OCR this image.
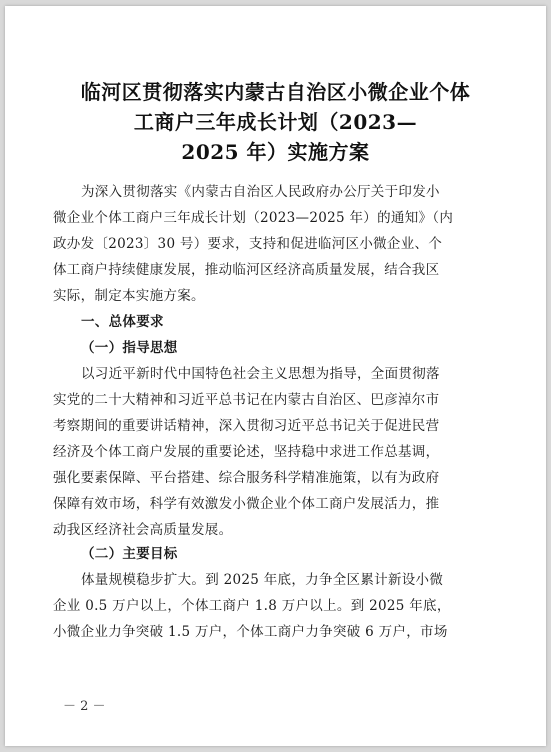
临河区贯彻落实内蒙古自治区小微企业个体
工商户三年成长计划（2023—
2025 年）实施方案
为深入贯彻落实《内蒙古自治区人民政府办公厅关于印发小
微企业个体工商户三年成长计划（2023—2025 年）的通知》（内
政办发〔2023〕30 号）要求，支持和促进临河区小微企业、个
体工商户持续健康发展，推动临河区经济高质量发展，结合我区
实际，制定本实施方案。
一、总体要求
（一）指导思想
以习近平新时代中国特色社会主义思想为指导，全面贯彻落
实党的二十大精神和习近平总书记在内蒙古自治区、巴彦淖尔市
考察期间的重要讲话精神，深入贯彻习近平总书记关于促进民营
经济及个体工商户发展的重要论述，坚持稳中求进工作总基调，
强化要素保障、平台搭建、综合服务科学精准施策，以有为政府
保障有效市场，科学有效激发小微企业个体工商户发展活力，推
动我区经济社会高质量发展。
（二）主要目标
体量规模稳步扩大。到 2025 年底，力争全区累计新设小微
企业 0.5 万户以上，个体工商户 1.8 万户以上。到 2025 年底，
小微企业力争突破 1.5 万户，个体工商户力争突破 6 万户，市场
－ 2 －
